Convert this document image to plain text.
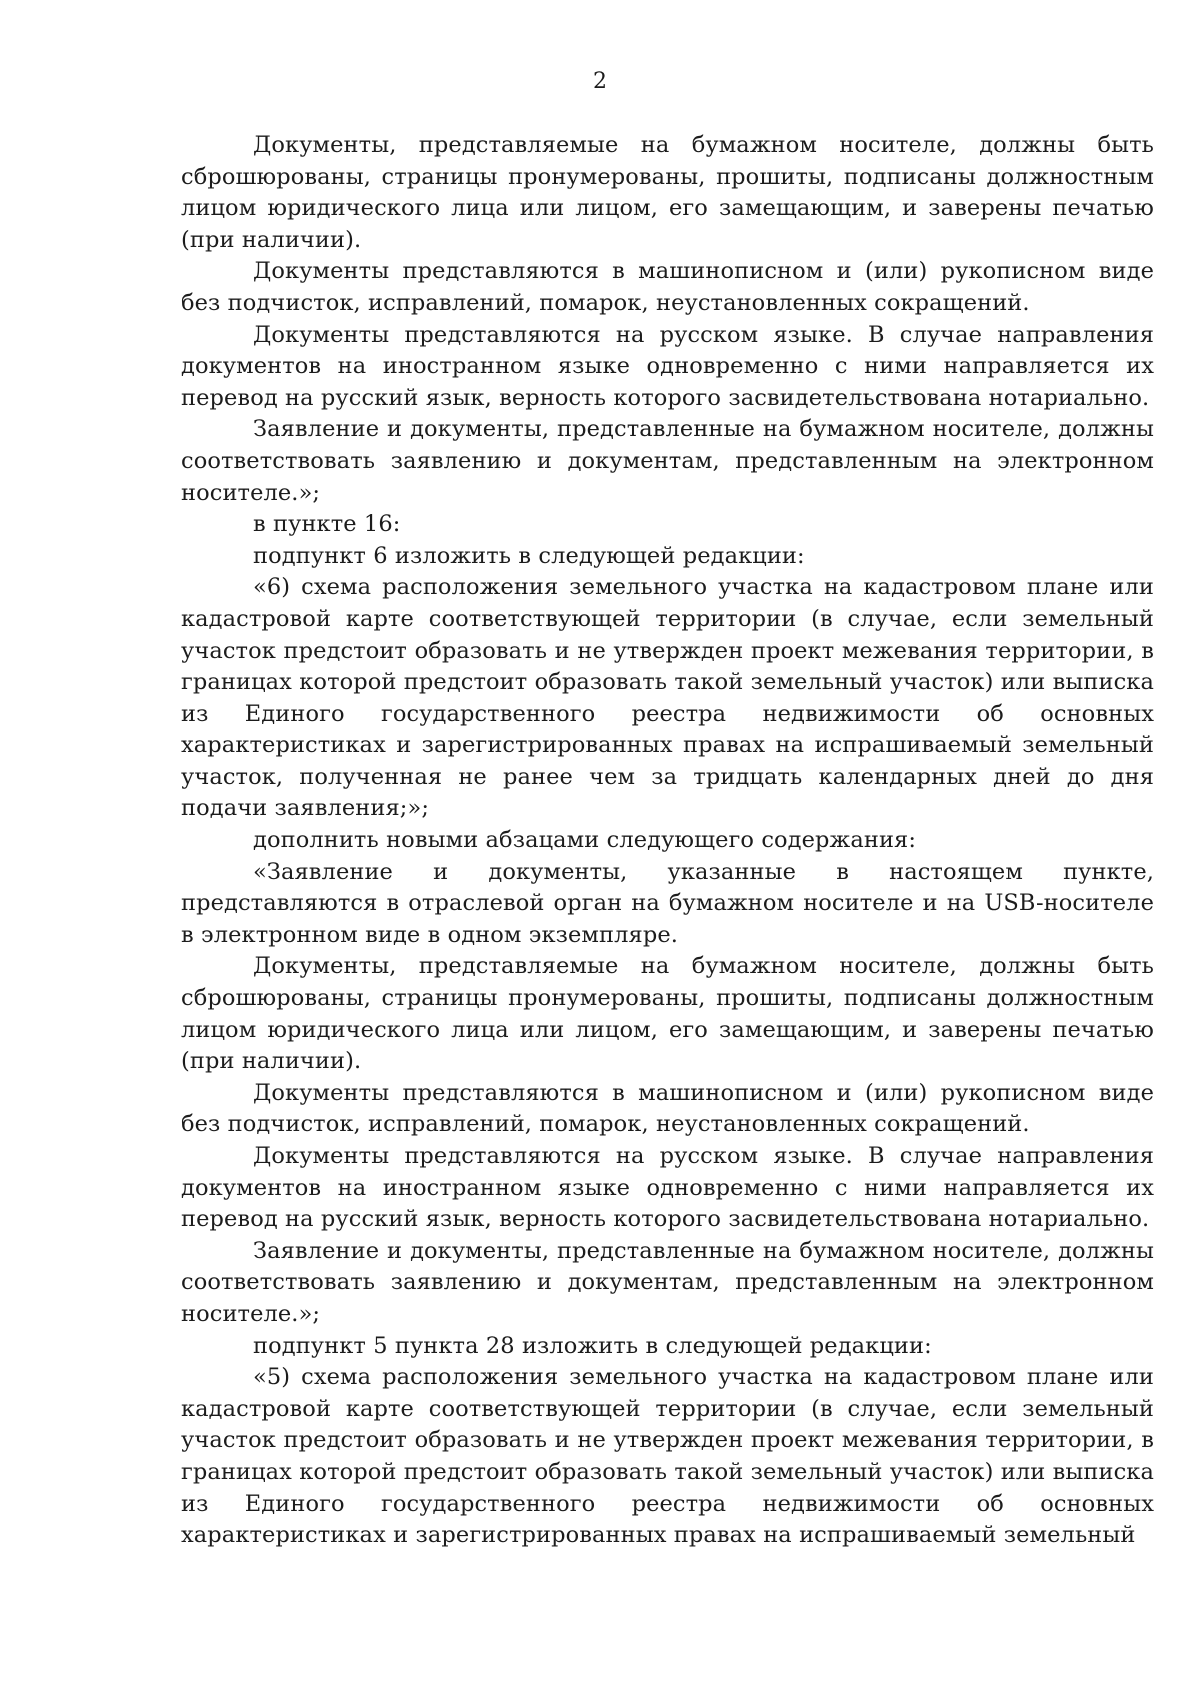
2

Документы, представляемые на бумажном носителе, должны быть сброшюрованы, страницы пронумерованы, прошиты, подписаны должностным лицом юридического лица или лицом, его замещающим, и заверены печатью (при наличии).

Документы представляются в машинописном и (или) рукописном виде без подчисток, исправлений, помарок, неустановленных сокращений.

Документы представляются на русском языке. В случае направления документов на иностранном языке одновременно с ними направляется их перевод на русский язык, верность которого засвидетельствована нотариально.

Заявление и документы, представленные на бумажном носителе, должны соответствовать заявлению и документам, представленным на электронном носителе.»;

в пункте 16:

подпункт 6 изложить в следующей редакции:

«6) схема расположения земельного участка на кадастровом плане или кадастровой карте соответствующей территории (в случае, если земельный участок предстоит образовать и не утвержден проект межевания территории, в границах которой предстоит образовать такой земельный участок) или выписка из Единого государственного реестра недвижимости об основных характеристиках и зарегистрированных правах на испрашиваемый земельный участок, полученная не ранее чем за тридцать календарных дней до дня подачи заявления;»;

дополнить новыми абзацами следующего содержания:

«Заявление и документы, указанные в настоящем пункте, представляются в отраслевой орган на бумажном носителе и на USB-носителе в электронном виде в одном экземпляре.

Документы, представляемые на бумажном носителе, должны быть сброшюрованы, страницы пронумерованы, прошиты, подписаны должностным лицом юридического лица или лицом, его замещающим, и заверены печатью (при наличии).

Документы представляются в машинописном и (или) рукописном виде без подчисток, исправлений, помарок, неустановленных сокращений.

Документы представляются на русском языке. В случае направления документов на иностранном языке одновременно с ними направляется их перевод на русский язык, верность которого засвидетельствована нотариально.

Заявление и документы, представленные на бумажном носителе, должны соответствовать заявлению и документам, представленным на электронном носителе.»;

подпункт 5 пункта 28 изложить в следующей редакции:

«5) схема расположения земельного участка на кадастровом плане или кадастровой карте соответствующей территории (в случае, если земельный участок предстоит образовать и не утвержден проект межевания территории, в границах которой предстоит образовать такой земельный участок) или выписка из Единого государственного реестра недвижимости об основных характеристиках и зарегистрированных правах на испрашиваемый земельный
